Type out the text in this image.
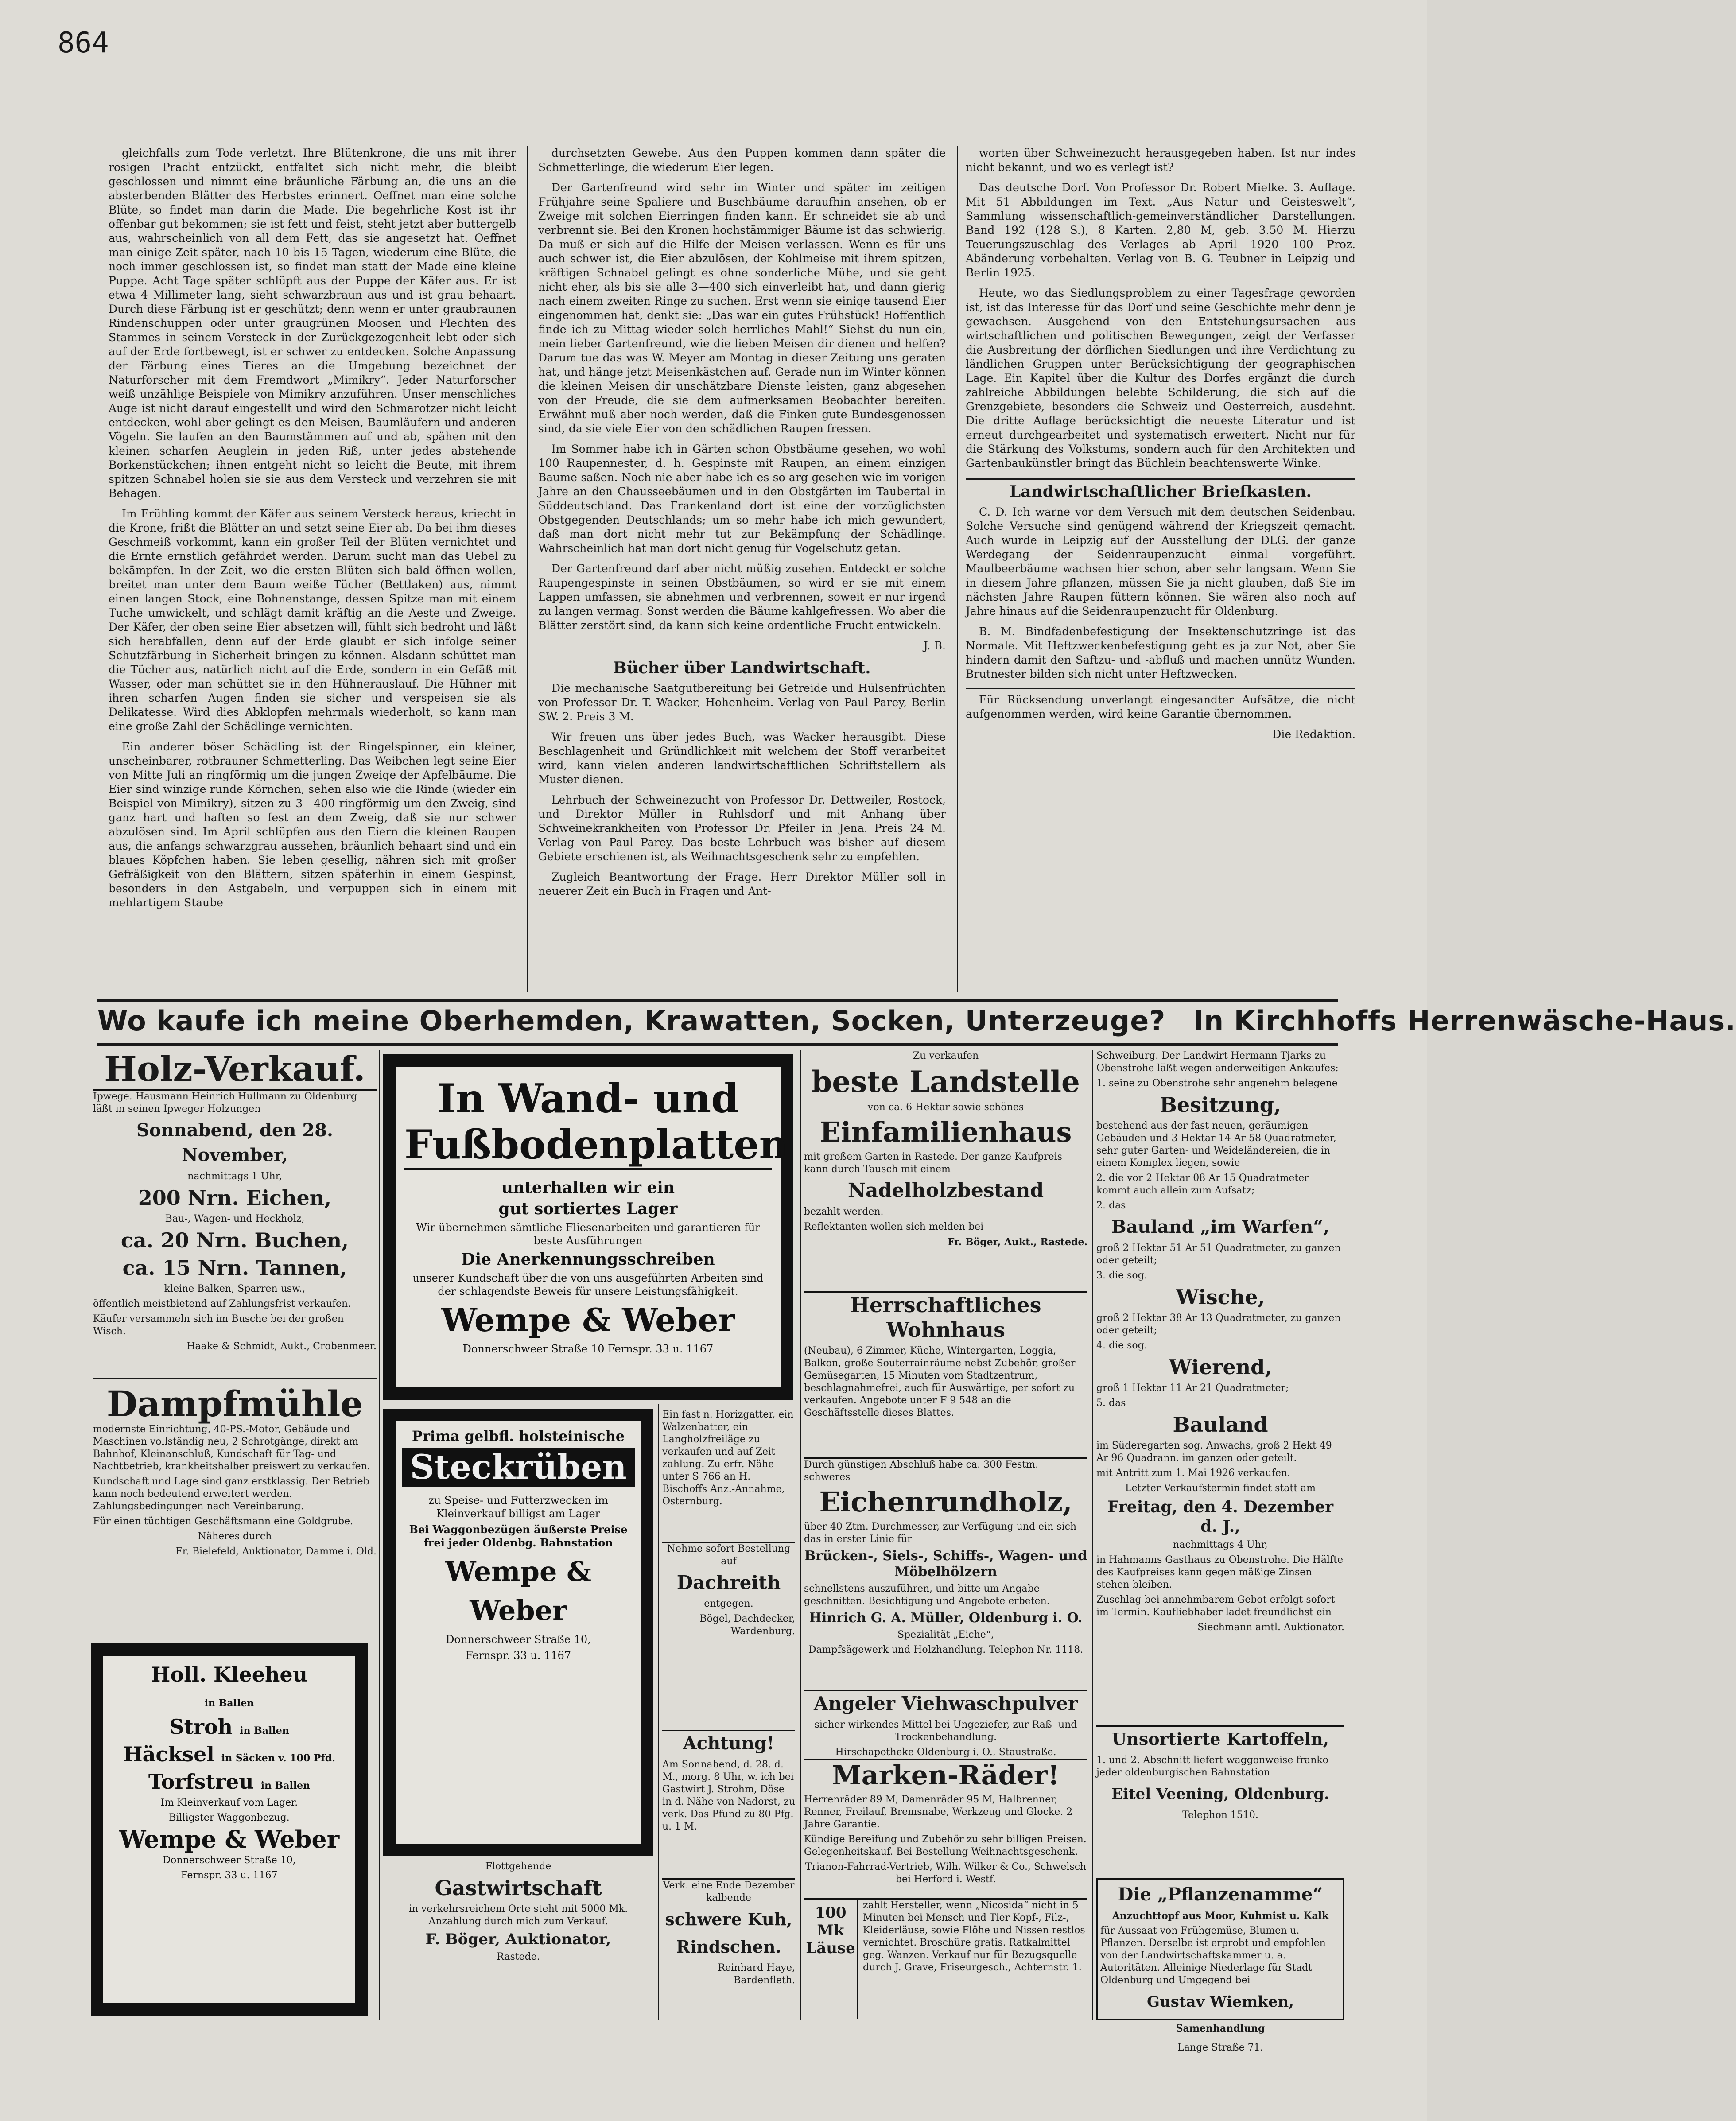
864

gleichfalls zum Tode verletzt. Ihre Blütenkrone, die uns mit ihrer rosigen Pracht entzückt, entfaltet sich nicht mehr, die bleibt geschlossen und nimmt eine bräunliche Färbung an, die uns an die absterbenden Blätter des Herbstes erinnert. Oeffnet man eine solche Blüte, so findet man darin die Made. Die begehrliche Kost ist ihr offenbar gut bekommen; sie ist fett und feist, steht jetzt aber buttergelb aus, wahrscheinlich von all dem Fett, das sie angesetzt hat. Oeffnet man einige Zeit später, nach 10 bis 15 Tagen, wiederum eine Blüte, die noch immer geschlossen ist, so findet man statt der Made eine kleine Puppe. Acht Tage später schlüpft aus der Puppe der Käfer aus. Er ist etwa 4 Millimeter lang, sieht schwarzbraun aus und ist grau behaart. Durch diese Färbung ist er geschützt; denn wenn er unter graubraunen Rindenschuppen oder unter graugrünen Moosen und Flechten des Stammes in seinem Versteck in der Zurückgezogenheit lebt oder sich auf der Erde fortbewegt, ist er schwer zu entdecken. Solche Anpassung der Färbung eines Tieres an die Umgebung bezeichnet der Naturforscher mit dem Fremdwort „Mimikry“. Jeder Naturforscher weiß unzählige Beispiele von Mimikry anzuführen. Unser menschliches Auge ist nicht darauf eingestellt und wird den Schmarotzer nicht leicht entdecken, wohl aber gelingt es den Meisen, Baumläufern und anderen Vögeln. Sie laufen an den Baumstämmen auf und ab, spähen mit den kleinen scharfen Aeuglein in jeden Riß, unter jedes abstehende Borkenstückchen; ihnen entgeht nicht so leicht die Beute, mit ihrem spitzen Schnabel holen sie sie aus dem Versteck und verzehren sie mit Behagen.

Im Frühling kommt der Käfer aus seinem Versteck heraus, kriecht in die Krone, frißt die Blätter an und setzt seine Eier ab. Da bei ihm dieses Geschmeiß vorkommt, kann ein großer Teil der Blüten vernichtet und die Ernte ernstlich gefährdet werden. Darum sucht man das Uebel zu bekämpfen. In der Zeit, wo die ersten Blüten sich bald öffnen wollen, breitet man unter dem Baum weiße Tücher (Bettlaken) aus, nimmt einen langen Stock, eine Bohnenstange, dessen Spitze man mit einem Tuche umwickelt, und schlägt damit kräftig an die Aeste und Zweige. Der Käfer, der oben seine Eier absetzen will, fühlt sich bedroht und läßt sich herabfallen, denn auf der Erde glaubt er sich infolge seiner Schutzfärbung in Sicherheit bringen zu können. Alsdann schüttet man die Tücher aus, natürlich nicht auf die Erde, sondern in ein Gefäß mit Wasser, oder man schüttet sie in den Hühnerauslauf. Die Hühner mit ihren scharfen Augen finden sie sicher und verspeisen sie als Delikatesse. Wird dies Abklopfen mehrmals wiederholt, so kann man eine große Zahl der Schädlinge vernichten.

Ein anderer böser Schädling ist der Ringelspinner, ein kleiner, unscheinbarer, rotbrauner Schmetterling. Das Weibchen legt seine Eier von Mitte Juli an ringförmig um die jungen Zweige der Apfelbäume. Die Eier sind winzige runde Körnchen, sehen also wie die Rinde (wieder ein Beispiel von Mimikry), sitzen zu 3—400 ringförmig um den Zweig, sind ganz hart und haften so fest an dem Zweig, daß sie nur schwer abzulösen sind. Im April schlüpfen aus den Eiern die kleinen Raupen aus, die anfangs schwarzgrau aussehen, bräunlich behaart sind und ein blaues Köpfchen haben. Sie leben gesellig, nähren sich mit großer Gefräßigkeit von den Blättern, sitzen späterhin in einem Gespinst, besonders in den Astgabeln, und verpuppen sich in einem mit mehlartigem Staube

durchsetzten Gewebe. Aus den Puppen kommen dann später die Schmetterlinge, die wiederum Eier legen.

Der Gartenfreund wird sehr im Winter und später im zeitigen Frühjahre seine Spaliere und Buschbäume daraufhin ansehen, ob er Zweige mit solchen Eierringen finden kann. Er schneidet sie ab und verbrennt sie. Bei den Kronen hochstämmiger Bäume ist das schwierig. Da muß er sich auf die Hilfe der Meisen verlassen. Wenn es für uns auch schwer ist, die Eier abzulösen, der Kohlmeise mit ihrem spitzen, kräftigen Schnabel gelingt es ohne sonderliche Mühe, und sie geht nicht eher, als bis sie alle 3—400 sich einverleibt hat, und dann gierig nach einem zweiten Ringe zu suchen. Erst wenn sie einige tausend Eier eingenommen hat, denkt sie: „Das war ein gutes Frühstück! Hoffentlich finde ich zu Mittag wieder solch herrliches Mahl!“ Siehst du nun ein, mein lieber Gartenfreund, wie die lieben Meisen dir dienen und helfen? Darum tue das was W. Meyer am Montag in dieser Zeitung uns geraten hat, und hänge jetzt Meisenkästchen auf. Gerade nun im Winter können die kleinen Meisen dir unschätzbare Dienste leisten, ganz abgesehen von der Freude, die sie dem aufmerksamen Beobachter bereiten. Erwähnt muß aber noch werden, daß die Finken gute Bundesgenossen sind, da sie viele Eier von den schädlichen Raupen fressen.

Im Sommer habe ich in Gärten schon Obstbäume gesehen, wo wohl 100 Raupennester, d. h. Gespinste mit Raupen, an einem einzigen Baume saßen. Noch nie aber habe ich es so arg gesehen wie im vorigen Jahre an den Chausseebäumen und in den Obstgärten im Taubertal in Süddeutschland. Das Frankenland dort ist eine der vorzüglichsten Obstgegenden Deutschlands; um so mehr habe ich mich gewundert, daß man dort nicht mehr tut zur Bekämpfung der Schädlinge. Wahrscheinlich hat man dort nicht genug für Vogelschutz getan.

Der Gartenfreund darf aber nicht müßig zusehen. Entdeckt er solche Raupengespinste in seinen Obstbäumen, so wird er sie mit einem Lappen umfassen, sie abnehmen und verbrennen, soweit er nur irgend zu langen vermag. Sonst werden die Bäume kahlgefressen. Wo aber die Blätter zerstört sind, da kann sich keine ordentliche Frucht entwickeln.

J. B.
Bücher über Landwirtschaft.

Die mechanische Saatgutbereitung bei Getreide und Hülsenfrüchten von Professor Dr. T. Wacker, Hohenheim. Verlag von Paul Parey, Berlin SW. 2. Preis 3 M.

Wir freuen uns über jedes Buch, was Wacker herausgibt. Diese Beschlagenheit und Gründlichkeit mit welchem der Stoff verarbeitet wird, kann vielen anderen landwirtschaftlichen Schriftstellern als Muster dienen.

Lehrbuch der Schweinezucht von Professor Dr. Dettweiler, Rostock, und Direktor Müller in Ruhlsdorf und mit Anhang über Schweinekrankheiten von Professor Dr. Pfeiler in Jena. Preis 24 M. Verlag von Paul Parey. Das beste Lehrbuch was bisher auf diesem Gebiete erschienen ist, als Weihnachtsgeschenk sehr zu empfehlen.

Zugleich Beantwortung der Frage. Herr Direktor Müller soll in neuerer Zeit ein Buch in Fragen und Ant-

worten über Schweinezucht herausgegeben haben. Ist nur indes nicht bekannt, und wo es verlegt ist?

Das deutsche Dorf. Von Professor Dr. Robert Mielke. 3. Auflage. Mit 51 Abbildungen im Text. „Aus Natur und Geisteswelt“, Sammlung wissenschaftlich-gemeinverständlicher Darstellungen. Band 192 (128 S.), 8 Karten. 2,80 M, geb. 3.50 M. Hierzu Teuerungszuschlag des Verlages ab April 1920 100 Proz. Abänderung vorbehalten. Verlag von B. G. Teubner in Leipzig und Berlin 1925.

Heute, wo das Siedlungsproblem zu einer Tagesfrage geworden ist, ist das Interesse für das Dorf und seine Geschichte mehr denn je gewachsen. Ausgehend von den Entstehungsursachen aus wirtschaftlichen und politischen Bewegungen, zeigt der Verfasser die Ausbreitung der dörflichen Siedlungen und ihre Verdichtung zu ländlichen Gruppen unter Berücksichtigung der geographischen Lage. Ein Kapitel über die Kultur des Dorfes ergänzt die durch zahlreiche Abbildungen belebte Schilderung, die sich auf die Grenzgebiete, besonders die Schweiz und Oesterreich, ausdehnt. Die dritte Auflage berücksichtigt die neueste Literatur und ist erneut durchgearbeitet und systematisch erweitert. Nicht nur für die Stärkung des Volkstums, sondern auch für den Architekten und Gartenbaukünstler bringt das Büchlein beachtenswerte Winke.

Landwirtschaftlicher Briefkasten.

C. D. Ich warne vor dem Versuch mit dem deutschen Seidenbau. Solche Versuche sind genügend während der Kriegszeit gemacht. Auch wurde in Leipzig auf der Ausstellung der DLG. der ganze Werdegang der Seidenraupenzucht einmal vorgeführt. Maulbeerbäume wachsen hier schon, aber sehr langsam. Wenn Sie in diesem Jahre pflanzen, müssen Sie ja nicht glauben, daß Sie im nächsten Jahre Raupen füttern können. Sie wären also noch auf Jahre hinaus auf die Seidenraupenzucht für Oldenburg.

B. M. Bindfadenbefestigung der Insektenschutzringe ist das Normale. Mit Heftzweckenbefestigung geht es ja zur Not, aber Sie hindern damit den Saftzu- und -abfluß und machen unnütz Wunden. Brutnester bilden sich nicht unter Heftzwecken.

Für Rücksendung unverlangt eingesandter Aufsätze, die nicht aufgenommen werden, wird keine Garantie übernommen.

Die Redaktion.
Wo kaufe ich meine Oberhemden, Krawatten, Socken, Unterzeuge? In Kirchhoffs Herrenwäsche-Haus.
Holz-Verkauf.

Ipwege. Hausmann Heinrich Hullmann zu Oldenburg läßt in seinen Ipweger Holzungen

Sonnabend, den 28. November,

nachmittags 1 Uhr,

200 Nrn. Eichen,

Bau-, Wagen- und Heckholz,

ca. 20 Nrn. Buchen,

ca. 15 Nrn. Tannen,

kleine Balken, Sparren usw.,

öffentlich meistbietend auf Zahlungsfrist verkaufen.

Käufer versammeln sich im Busche bei der großen Wisch.

Haake & Schmidt, Aukt., Crobenmeer.

Dampfmühle

modernste Einrichtung, 40-PS.-Motor, Gebäude und Maschinen vollständig neu, 2 Schrotgänge, direkt am Bahnhof, Kleinanschluß, Kundschaft für Tag- und Nachtbetrieb, krankheitshalber preiswert zu verkaufen.

Kundschaft und Lage sind ganz erstklassig. Der Betrieb kann noch bedeutend erweitert werden. Zahlungsbedingungen nach Vereinbarung.

Für einen tüchtigen Geschäftsmann eine Goldgrube.

Näheres durch

Fr. Bielefeld, Auktionator, Damme i. Old.

Holl. Kleeheu
in Ballen

Stroh in Ballen

Häcksel in Säcken v. 100 Pfd.

Torfstreu in Ballen

Im Kleinverkauf vom Lager.

Billigster Waggonbezug.

Wempe & Weber

Donnerschweer Straße 10,

Fernspr. 33 u. 1167

In Wand- und
Fußbodenplatten

unterhalten wir ein

gut sortiertes Lager

Wir übernehmen sämtliche Fliesenarbeiten und garantieren für beste Ausführungen

Die Anerkennungsschreiben

unserer Kundschaft über die von uns ausgeführten Arbeiten sind der schlagendste Beweis für unsere Leistungsfähigkeit.

Wempe & Weber

Donnerschweer Straße 10 Fernspr. 33 u. 1167

Prima gelbfl. holsteinische

Steckrüben

zu Speise- und Futterzwecken im Kleinverkauf billigst am Lager

Bei Waggonbezügen äußerste Preise frei jeder Oldenbg. Bahnstation

Wempe & Weber

Donnerschweer Straße 10,

Fernspr. 33 u. 1167

Flottgehende

Gastwirtschaft

in verkehrsreichem Orte steht mit 5000 Mk. Anzahlung durch mich zum Verkauf.

F. Böger, Auktionator,

Rastede.

Ein fast n. Horizgatter, ein Walzenbatter, ein Langholzfreiläge zu verkaufen und auf Zeit zahlung. Zu erfr. Nähe unter S 766 an H. Bischoffs Anz.-Annahme, Osternburg.

Nehme sofort Bestellung auf

Dachreith

entgegen.

Bögel, Dachdecker, Wardenburg.

Achtung!

Am Sonnabend, d. 28. d. M., morg. 8 Uhr, w. ich bei Gastwirt J. Strohm, Döse in d. Nähe von Nadorst, zu verk. Das Pfund zu 80 Pfg. u. 1 M.

Verk. eine Ende Dezember kalbende

schwere Kuh,

Rindschen.

Reinhard Haye, Bardenfleth.

Zu verkaufen

beste Landstelle

von ca. 6 Hektar sowie schönes

Einfamilienhaus

mit großem Garten in Rastede. Der ganze Kaufpreis kann durch Tausch mit einem

Nadelholzbestand

bezahlt werden.

Reflektanten wollen sich melden bei

Fr. Böger, Aukt., Rastede.

Herrschaftliches Wohnhaus

(Neubau), 6 Zimmer, Küche, Wintergarten, Loggia, Balkon, große Souterrainräume nebst Zubehör, großer Gemüsegarten, 15 Minuten vom Stadtzentrum, beschlagnahmefrei, auch für Auswärtige, per sofort zu verkaufen. Angebote unter F 9 548 an die Geschäftsstelle dieses Blattes.

Durch günstigen Abschluß habe ca. 300 Festm. schweres

Eichenrundholz,

über 40 Ztm. Durchmesser, zur Verfügung und ein sich das in erster Linie für

Brücken-, Siels-, Schiffs-, Wagen- und Möbelhölzern

schnellstens auszuführen, und bitte um Angabe geschnitten. Besichtigung und Angebote erbeten.

Hinrich G. A. Müller, Oldenburg i. O.

Spezialität „Eiche“,

Dampfsägewerk und Holzhandlung. Telephon Nr. 1118.

Angeler Viehwaschpulver

sicher wirkendes Mittel bei Ungeziefer, zur Raß- und Trockenbehandlung.

Hirschapotheke Oldenburg i. O., Staustraße.

Marken-Räder!

Herrenräder 89 M, Damenräder 95 M, Halbrenner, Renner, Freilauf, Bremsnabe, Werkzeug und Glocke. 2 Jahre Garantie.

Kündige Bereifung und Zubehör zu sehr billigen Preisen. Gelegenheitskauf. Bei Bestellung Weihnachtsgeschenk.

Trianon-Fahrrad-Vertrieb, Wilh. Wilker & Co., Schwelsch bei Herford i. Westf.

100 Mk
Läuse

zahlt Hersteller, wenn „Nicosida“ nicht in 5 Minuten bei Mensch und Tier Kopf-, Filz-, Kleiderläuse, sowie Flöhe und Nissen restlos vernichtet. Broschüre gratis. Ratkalmittel geg. Wanzen. Verkauf nur für Bezugsquelle durch J. Grave, Friseurgesch., Achternstr. 1.

Schweiburg. Der Landwirt Hermann Tjarks zu Obenstrohe läßt wegen anderweitigen Ankaufes:

1. seine zu Obenstrohe sehr angenehm belegene

Besitzung,

bestehend aus der fast neuen, geräumigen Gebäuden und 3 Hektar 14 Ar 58 Quadratmeter, sehr guter Garten- und Weideländereien, die in einem Komplex liegen, sowie

2. die vor 2 Hektar 08 Ar 15 Quadratmeter kommt auch allein zum Aufsatz;

2. das

Bauland „im Warfen“,

groß 2 Hektar 51 Ar 51 Quadratmeter, zu ganzen oder geteilt;

3. die sog.

Wische,

groß 2 Hektar 38 Ar 13 Quadratmeter, zu ganzen oder geteilt;

4. die sog.

Wierend,

groß 1 Hektar 11 Ar 21 Quadratmeter;

5. das

Bauland

im Süderegarten sog. Anwachs, groß 2 Hekt 49 Ar 96 Quadrann. im ganzen oder geteilt.

mit Antritt zum 1. Mai 1926 verkaufen.

Letzter Verkaufstermin findet statt am

Freitag, den 4. Dezember d. J.,

nachmittags 4 Uhr,

in Hahmanns Gasthaus zu Obenstrohe. Die Hälfte des Kaufpreises kann gegen mäßige Zinsen stehen bleiben.

Zuschlag bei annehmbarem Gebot erfolgt sofort im Termin. Kaufliebhaber ladet freundlichst ein

Siechmann amtl. Auktionator.

Unsortierte Kartoffeln,

1. und 2. Abschnitt liefert waggonweise franko jeder oldenburgischen Bahnstation

Eitel Veening, Oldenburg.

Telephon 1510.

Die „Pflanzenamme“

Anzuchttopf aus Moor, Kuhmist u. Kalk

für Aussaat von Frühgemüse, Blumen u. Pflanzen. Derselbe ist erprobt und empfohlen von der Landwirtschaftskammer u. a. Autoritäten. Alleinige Niederlage für Stadt Oldenburg und Umgegend bei

Gustav Wiemken, Samenhandlung

Lange Straße 71.
